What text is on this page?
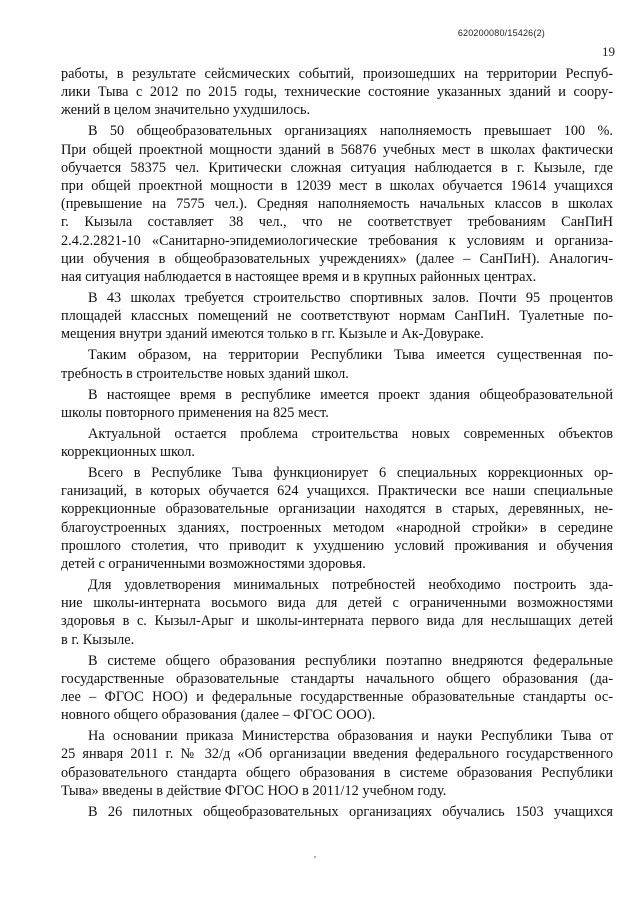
620200080/15426(2)
19
работы, в результате сейсмических событий, произошедших на территории Респуб-
лики Тыва с 2012 по 2015 годы, технические состояние указанных зданий и соору-
жений в целом значительно ухудшилось.
В 50 общеобразовательных организациях наполняемость превышает 100 %.
При общей проектной мощности зданий в 56876 учебных мест в школах фактически
обучается 58375 чел. Критически сложная ситуация наблюдается в г. Кызыле, где
при общей проектной мощности в 12039 мест в школах обучается 19614 учащихся
(превышение на 7575 чел.). Средняя наполняемость начальных классов в школах
г. Кызыла составляет 38 чел., что не соответствует требованиям СанПиН
2.4.2.2821-10 «Санитарно-эпидемиологические требования к условиям и организа-
ции обучения в общеобразовательных учреждениях» (далее – СанПиН). Аналогич-
ная ситуация наблюдается в настоящее время и в крупных районных центрах.
В 43 школах требуется строительство спортивных залов. Почти 95 процентов
площадей классных помещений не соответствуют нормам СанПиН. Туалетные по-
мещения внутри зданий имеются только в гг. Кызыле и Ак-Довураке.
Таким образом, на территории Республики Тыва имеется существенная по-
требность в строительстве новых зданий школ.
В настоящее время в республике имеется проект здания общеобразовательной
школы повторного применения на 825 мест.
Актуальной остается проблема строительства новых современных объектов
коррекционных школ.
Всего в Республике Тыва функционирует 6 специальных коррекционных ор-
ганизаций, в которых обучается 624 учащихся. Практически все наши специальные
коррекционные образовательные организации находятся в старых, деревянных, не-
благоустроенных зданиях, построенных методом «народной стройки» в середине
прошлого столетия, что приводит к ухудшению условий проживания и обучения
детей с ограниченными возможностями здоровья.
Для удовлетворения минимальных потребностей необходимо построить зда-
ние школы-интерната восьмого вида для детей с ограниченными возможностями
здоровья в с. Кызыл-Арыг и школы-интерната первого вида для неслышащих детей
в г. Кызыле.
В системе общего образования республики поэтапно внедряются федеральные
государственные образовательные стандарты начального общего образования (да-
лее – ФГОС НОО) и федеральные государственные образовательные стандарты ос-
новного общего образования (далее – ФГОС ООО).
На основании приказа Министерства образования и науки Республики Тыва от
25 января 2011 г. № 32/д «Об организации введения федерального государственного
образовательного стандарта общего образования в системе образования Республики
Тыва» введены в действие ФГОС НОО в 2011/12 учебном году.
В 26 пилотных общеобразовательных организациях обучались 1503 учащихся
